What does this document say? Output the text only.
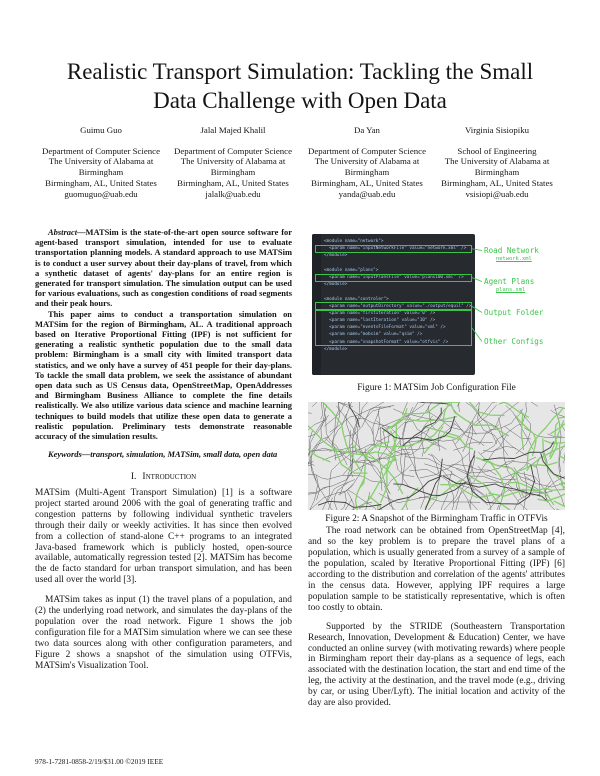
Realistic Transport Simulation: Tackling the Small
Data Challenge with Open Data
Guimu Guo
Department of Computer Science
The University of Alabama at Birmingham
Birmingham, AL, United States
guomuguo@uab.edu
Jalal Majed Khalil
Department of Computer Science
The University of Alabama at Birmingham
Birmingham, AL, United States
jalalk@uab.edu
Da Yan
Department of Computer Science
The University of Alabama at Birmingham
Birmingham, AL, United States
yanda@uab.edu
Virginia Sisiopiku
School of Engineering
The University of Alabama at Birmingham
Birmingham, AL, United States
vsisiopi@uab.edu

Abstract—MATSim is the state-of-the-art open source software for agent-based transport simulation, intended for use to evaluate transportation planning models. A standard approach to use MATSim is to conduct a user survey about their day-plans of travel, from which a synthetic dataset of agents' day-plans for an entire region is generated for transport simulation. The simulation output can be used for various evaluations, such as congestion conditions of road segments and their peak hours.

This paper aims to conduct a transportation simulation on MATSim for the region of Birmingham, AL. A traditional approach based on Iterative Proportional Fitting (IPF) is not sufficient for generating a realistic synthetic population due to the small data problem: Birmingham is a small city with limited transport data statistics, and we only have a survey of 451 people for their day-plans. To tackle the small data problem, we seek the assistance of abundant open data such as US Census data, OpenStreetMap, OpenAddresses and Birmingham Business Alliance to complete the fine details realistically. We also utilize various data science and machine learning techniques to build models that utilize these open data to generate a realistic population. Preliminary tests demonstrate reasonable accuracy of the simulation results.

Keywords—transport, simulation, MATSim, small data, open data

I. Introduction

MATSim (Multi-Agent Transport Simulation) [1] is a software project started around 2006 with the goal of generating traffic and congestion patterns by following individual synthetic travelers through their daily or weekly activities. It has since then evolved from a collection of stand-alone C++ programs to an integrated Java-based framework which is publicly hosted, open-source available, automatically regression tested [2]. MATSim has become the de facto standard for urban transport simulation, and has been used all over the world [3].

MATSim takes as input (1) the travel plans of a population, and (2) the underlying road network, and simulates the day-plans of the population over the road network. Figure 1 shows the job configuration file for a MATSim simulation where we can see these two data sources along with other configuration parameters, and Figure 2 shows a snapshot of the simulation using OTFVis, MATSim's Visualization Tool.

<module name="network">
<param name="inputNetworkFile" value="network.xml" />
</module>
<module name="plans">
<param name="inputPlansFile" value="plans100.xml" />
</module>
<module name="controler">
<param name="outputDirectory" value="./output/equil" />
<param name="firstIteration" value="0" />
<param name="lastIteration" value="10" />
<param name="eventsFileFormat" value="xml" />
<param name="mobsim" value="qsim" />
<param name="snapshotFormat" value="otfvis" />
</module>
Road Network
network.xml
Agent Plans
plans.xml
Output Folder
Other Configs
Figure 1: MATSim Job Configuration File
Figure 2: A Snapshot of the Birmingham Traffic in OTFVis

The road network can be obtained from OpenStreetMap [4], and so the key problem is to prepare the travel plans of a population, which is usually generated from a survey of a sample of the population, scaled by Iterative Proportional Fitting (IPF) [6] according to the distribution and correlation of the agents' attributes in the census data. However, applying IPF requires a large population sample to be statistically representative, which is often too costly to obtain.

Supported by the STRIDE (Southeastern Transportation Research, Innovation, Development & Education) Center, we have conducted an online survey (with motivating rewards) where people in Birmingham report their day-plans as a sequence of legs, each associated with the destination location, the start and end time of the leg, the activity at the destination, and the travel mode (e.g., driving by car, or using Uber/Lyft). The initial location and activity of the day are also provided.

978-1-7281-0858-2/19/$31.00 ©2019 IEEE
